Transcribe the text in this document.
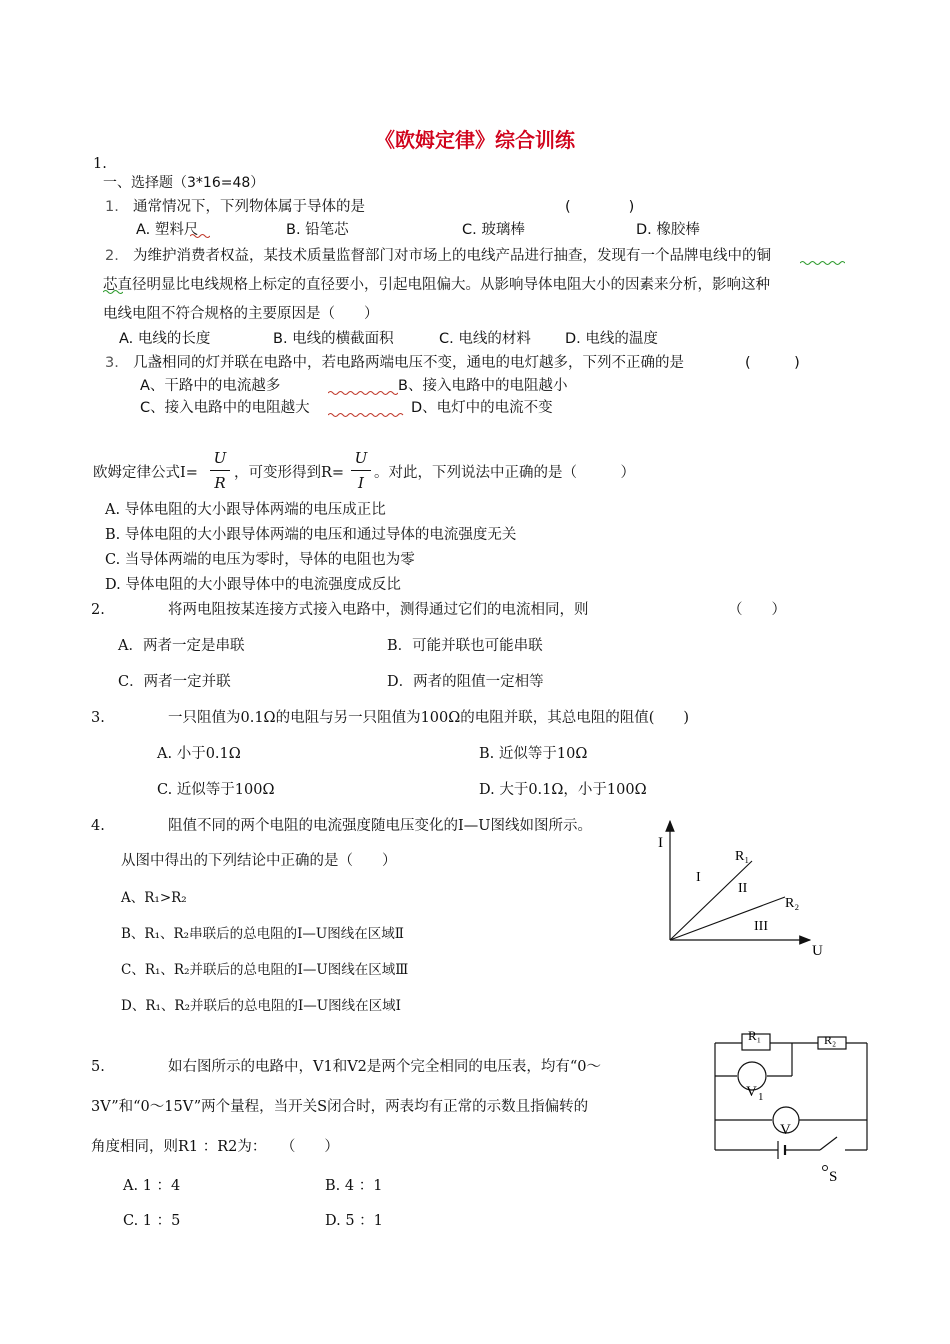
《欧姆定律》综合训练
1.
一、选择题（3*16=48）
1. 通常情况下，下列物体属于导体的是	(　　　　)
A. 塑料尺	B. 铅笔芯	C. 玻璃棒	D. 橡胶棒
2. 为维护消费者权益，某技术质量监督部门对市场上的电线产品进行抽查，发现有一个品牌电线中的铜
芯直径明显比电线规格上标定的直径要小，引起电阻偏大。从影响导体电阻大小的因素来分析，影响这种
电线电阻不符合规格的主要原因是（　　）
A. 电线的长度	B. 电线的横截面积	C. 电线的材料 D. 电线的温度
3. 几盏相同的灯并联在电路中，若电路两端电压不变，通电的电灯越多，下列不正确的是	(　　　)
A、干路中的电流越多	B、接入电路中的电阻越小
C、接入电路中的电阻越大	D、电灯中的电流不变
欧姆定律公式I=
U
R
，可变形得到R=
U
I
。对此，下列说法中正确的是（　　　）
A. 导体电阻的大小跟导体两端的电压成正比
B. 导体电阻的大小跟导体两端的电压和通过导体的电流强度无关
C. 当导体两端的电压为零时，导体的电阻也为零
D. 导体电阻的大小跟导体中的电流强度成反比
2.	将两电阻按某连接方式接入电路中，测得通过它们的电流相同，则	（　　）
A．两者一定是串联	B．可能并联也可能串联
C．两者一定并联	D．两者的阻值一定相等
3.	一只阻值为0.1Ω的电阻与另一只阻值为100Ω的电阻并联，其总电阻的阻值(　　)
A. 小于0.1Ω	B. 近似等于10Ω
C. 近似等于100Ω	D. 大于0.1Ω，小于100Ω
4.	阻值不同的两个电阻的电流强度随电压变化的I—U图线如图所示。
从图中得出的下列结论中正确的是（　　）
A、R₁>R₂
B、R₁、R₂串联后的总电阻的I—U图线在区域Ⅱ
C、R₁、R₂并联后的总电阻的I—U图线在区域Ⅲ
D、R₁、R₂并联后的总电阻的I—U图线在区域Ⅰ
I
U
R₁
R₂
I
II
III
5.	如右图所示的电路中，V1和V2是两个完全相同的电压表，均有“0～
3V”和“0～15V”两个量程，当开关S闭合时，两表均有正常的示数且指偏转的
角度相同，则R1 ：R2为：　　（　　）
A. 1 ：4	B. 4 ：1
C. 1 ：5	D. 5 ：1
R₁	R₂
V 1
V
S
